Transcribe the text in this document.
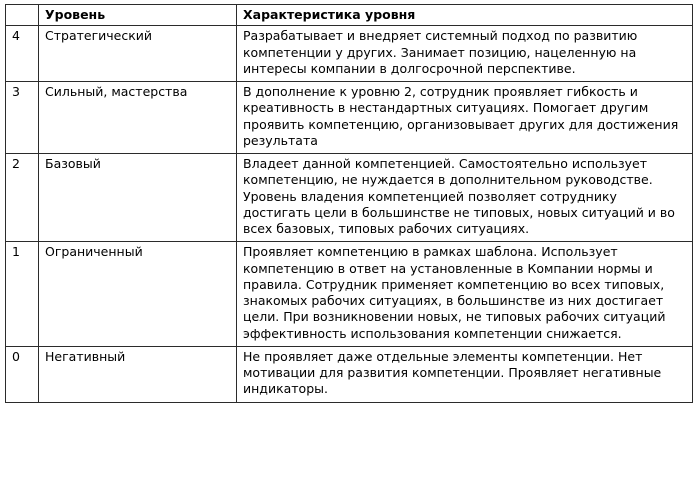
	Уровень	Характеристика уровня
4	Стратегический	Разрабатывает и внедряет системный подход по развитию компетенции у других. Занимает позицию, нацеленную на интересы компании в долгосрочной перспективе.
3	Сильный, мастерства	В дополнение к уровню 2, сотрудник проявляет гибкость и креативность в нестандартных ситуациях. Помогает другим проявить компетенцию, организовывает других для достижения результата
2	Базовый	Владеет данной компетенцией. Самостоятельно использует компетенцию, не нуждается в дополнительном руководстве. Уровень владения компетенцией позволяет сотруднику достигать цели в большинстве не типовых, новых ситуаций и во всех базовых, типовых рабочих ситуациях.
1	Ограниченный	Проявляет компетенцию в рамках шаблона. Использует компетенцию в ответ на установленные в Компании нормы и правила. Сотрудник применяет компетенцию во всех типовых, знакомых рабочих ситуациях, в большинстве из них достигает цели. При возникновении новых, не типовых рабочих ситуаций эффективность использования компетенции снижается.
0	Негативный	Не проявляет даже отдельные элементы компетенции. Нет мотивации для развития компетенции. Проявляет негативные индикаторы.
